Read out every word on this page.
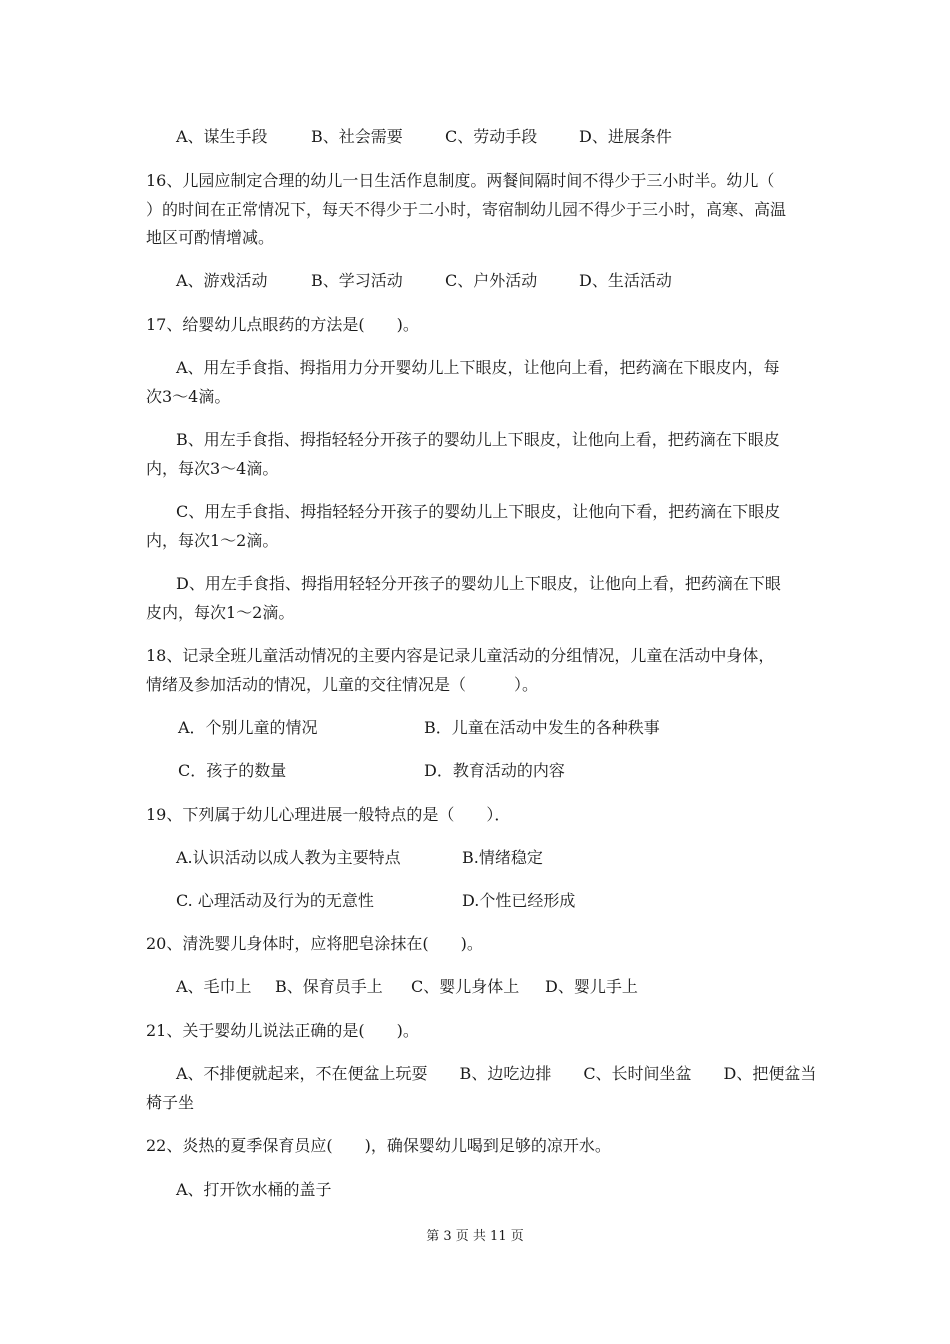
A、谋生手段	B、社会需要	C、劳动手段	D、进展条件
16、儿园应制定合理的幼儿一日生活作息制度。两餐间隔时间不得少于三小时半。幼儿（
）的时间在正常情况下，每天不得少于二小时，寄宿制幼儿园不得少于三小时，高寒、高温
地区可酌情增减。
A、游戏活动	B、学习活动	C、户外活动	D、生活活动
17、给婴幼儿点眼药的方法是(　　)。
A、用左手食指、拇指用力分开婴幼儿上下眼皮，让他向上看，把药滴在下眼皮内，每
次3～4滴。
B、用左手食指、拇指轻轻分开孩子的婴幼儿上下眼皮，让他向上看，把药滴在下眼皮
内，每次3～4滴。
C、用左手食指、拇指轻轻分开孩子的婴幼儿上下眼皮，让他向下看，把药滴在下眼皮
内，每次1～2滴。
D、用左手食指、拇指用轻轻分开孩子的婴幼儿上下眼皮，让他向上看，把药滴在下眼
皮内，每次1～2滴。
18、记录全班儿童活动情况的主要内容是记录儿童活动的分组情况，儿童在活动中身体，
情绪及参加活动的情况，儿童的交往情况是（　　　）。
A．个别儿童的情况	B．儿童在活动中发生的各种秩事
C．孩子的数量	D．教育活动的内容
19、下列属于幼儿心理进展一般特点的是（　　）．
A.认识活动以成人教为主要特点	B.情绪稳定
C. 心理活动及行为的无意性	D.个性已经形成
20、清洗婴儿身体时，应将肥皂涂抹在(　　)。
A、毛巾上 B、保育员手上 C、婴儿身体上 D、婴儿手上
21、关于婴幼儿说法正确的是(　　)。
A、不排便就起来，不在便盆上玩耍　　B、边吃边排　　C、长时间坐盆　　D、把便盆当
椅子坐
22、炎热的夏季保育员应(　　)，确保婴幼儿喝到足够的凉开水。
A、打开饮水桶的盖子
第 3 页 共 11 页
